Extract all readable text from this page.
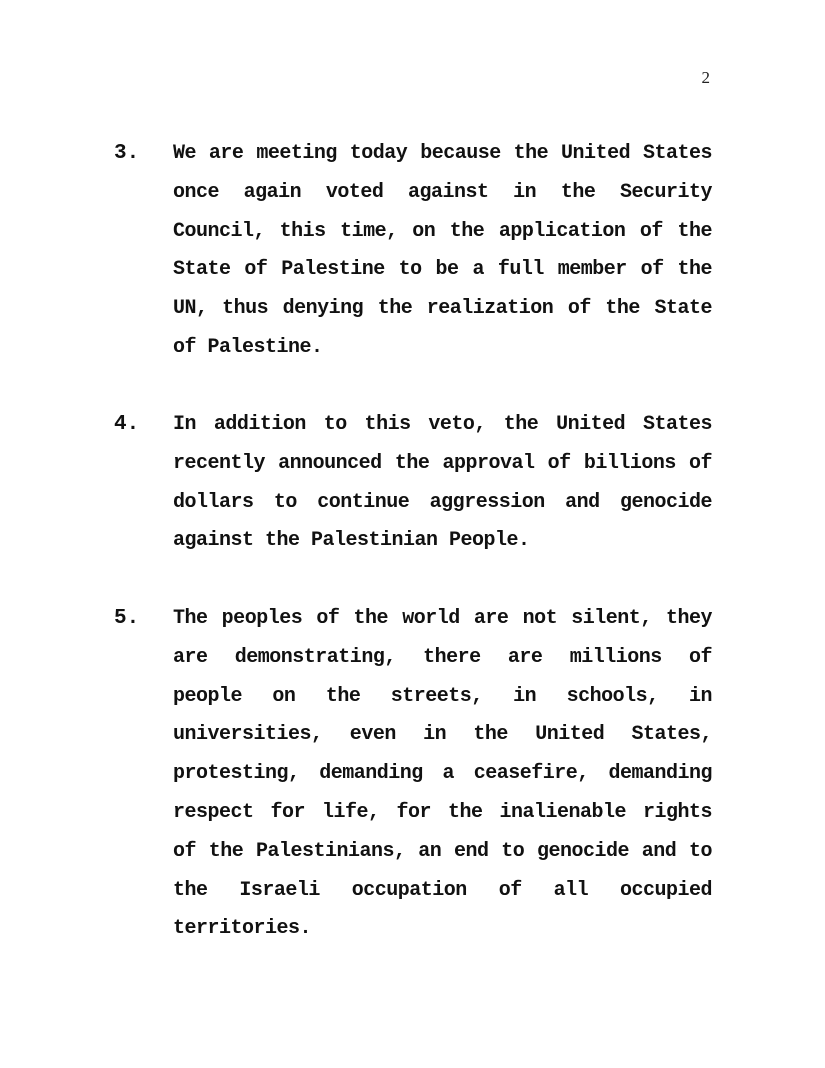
2
3. We are meeting today because the United States once again voted against in the Security Council, this time, on the application of the State of Palestine to be a full member of the UN, thus denying the realization of the State of Palestine.

4. In addition to this veto, the United States recently announced the approval of billions of dollars to continue aggression and genocide against the Palestinian People.

5. The peoples of the world are not silent, they are demonstrating, there are millions of people on the streets, in schools, in universities, even in the United States, protesting, demanding a ceasefire, demanding respect for life, for the inalienable rights of the Palestinians, an end to genocide and to the Israeli occupation of all occupied territories.
